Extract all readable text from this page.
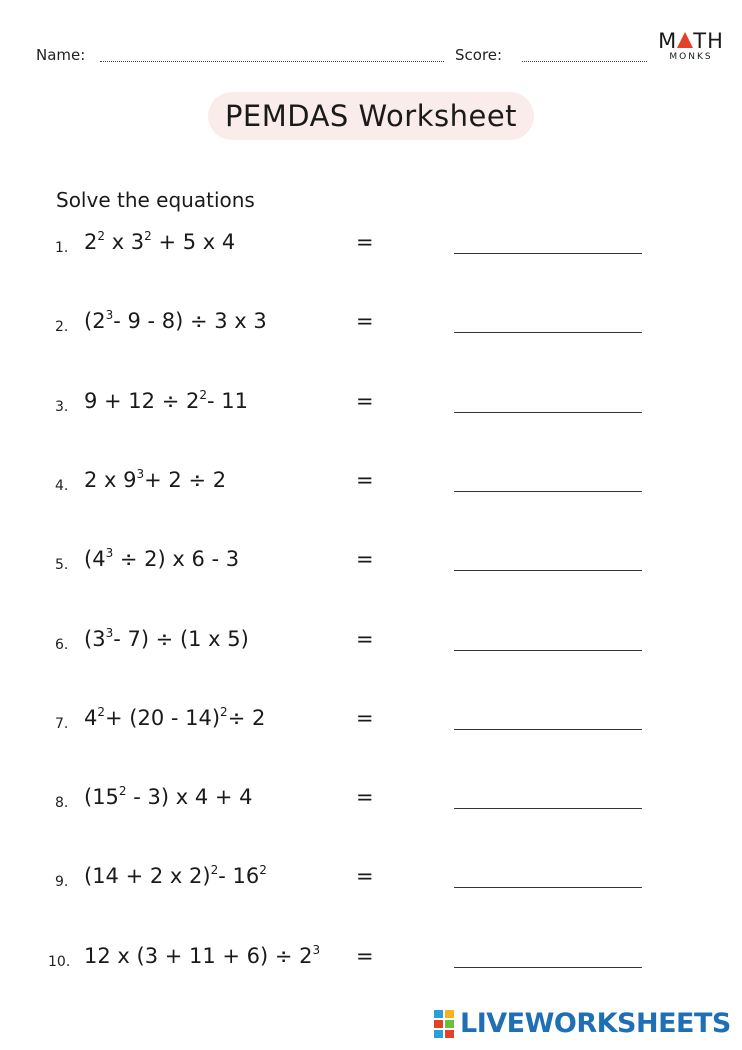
Name:	Score:
M TH
MONKS
PEMDAS Worksheet
Solve the equations
1. $2^2$ x $3^2 + 5$ x 4	=
2. ($2^3-$ 9 - 8) ÷ 3 x 3	=
3. $9 + 12 \div 2^2-$ 11	=
4. 2 x $9^3+ 2 \div 2$	=
5. $(4^3 \div 2)$ x 6 - 3	=
6. ($3^3-$ 7) ÷ (1 x 5)	=
7. $4^2+ (20 - 14)^2\div 2$	=
8. $(15^2 - 3)$ x 4 + 4	=
9. (14 + 2 x 2)$^2$- $16^2$	=
10. 12 x $(3 + 11 + 6) \div 2^3$ =
LIVEWORKSHEETS
